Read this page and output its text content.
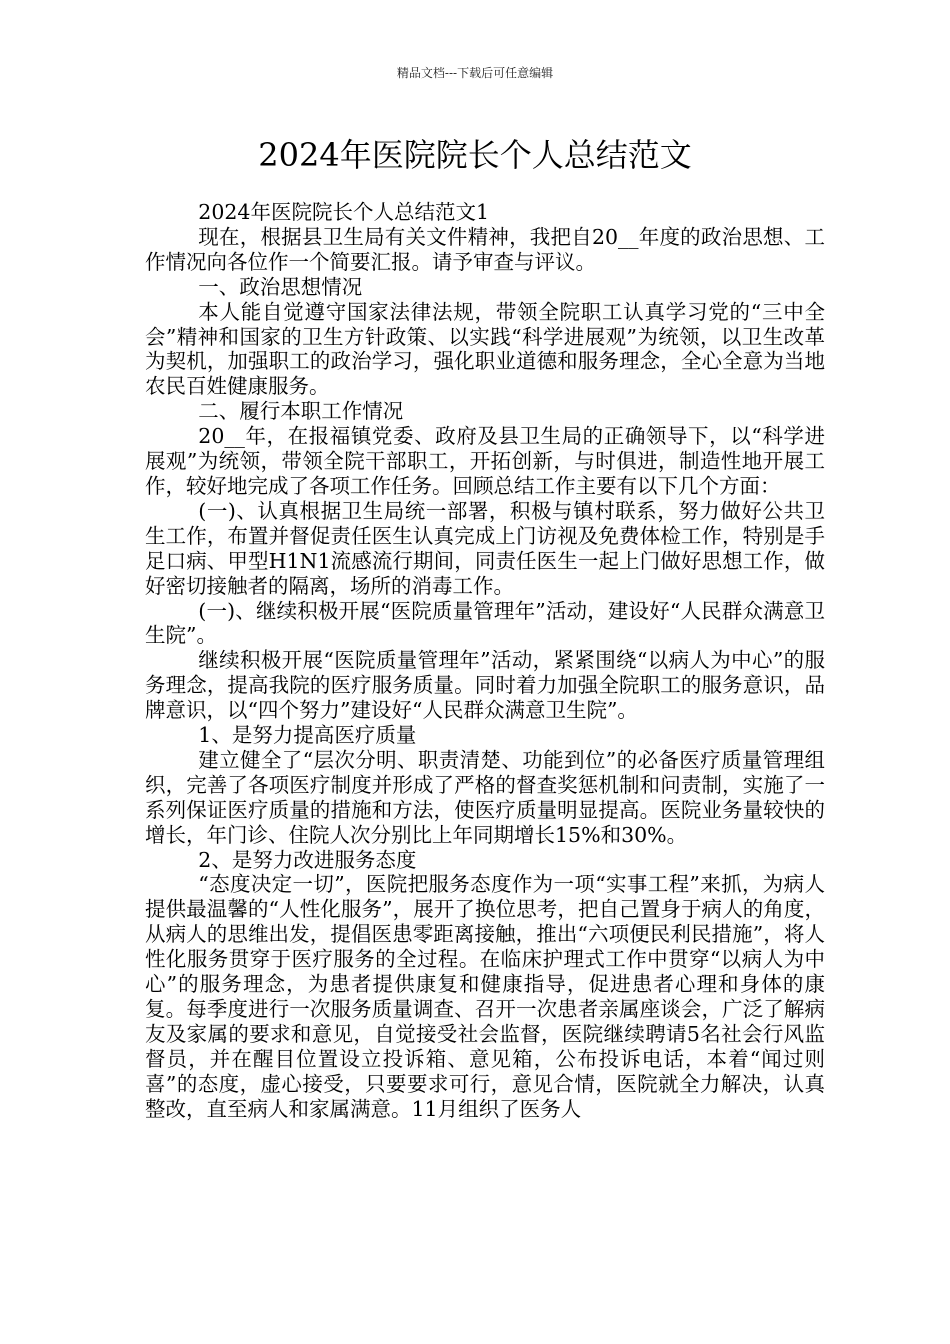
精品文档---下载后可任意编辑
2024年医院院长个人总结范文

2024年医院院长个人总结范文1

现在，根据县卫生局有关文件精神，我把自20__年度的政治思想、工作情况向各位作一个简要汇报。请予审查与评议。

一、政治思想情况

本人能自觉遵守国家法律法规，带领全院职工认真学习党的“三中全会”精神和国家的卫生方针政策、以实践“科学进展观”为统领，以卫生改革为契机，加强职工的政治学习，强化职业道德和服务理念，全心全意为当地农民百姓健康服务。

二、履行本职工作情况

20__年，在报福镇党委、政府及县卫生局的正确领导下，以“科学进展观”为统领，带领全院干部职工，开拓创新，与时俱进，制造性地开展工作，较好地完成了各项工作任务。回顾总结工作主要有以下几个方面：

(一)、认真根据卫生局统一部署，积极与镇村联系，努力做好公共卫生工作，布置并督促责任医生认真完成上门访视及免费体检工作，特别是手足口病、甲型H1N1流感流行期间，同责任医生一起上门做好思想工作，做好密切接触者的隔离，场所的消毒工作。

(一)、继续积极开展“医院质量管理年”活动，建设好“人民群众满意卫生院”。

继续积极开展“医院质量管理年”活动，紧紧围绕“以病人为中心”的服务理念，提高我院的医疗服务质量。同时着力加强全院职工的服务意识，品牌意识，以“四个努力”建设好“人民群众满意卫生院”。

1、是努力提高医疗质量

建立健全了“层次分明、职责清楚、功能到位”的必备医疗质量管理组织，完善了各项医疗制度并形成了严格的督查奖惩机制和问责制，实施了一系列保证医疗质量的措施和方法，使医疗质量明显提高。医院业务量较快的增长，年门诊、住院人次分别比上年同期增长15%和30%。

2、是努力改进服务态度

“态度决定一切”，医院把服务态度作为一项“实事工程”来抓，为病人提供最温馨的“人性化服务”，展开了换位思考，把自己置身于病人的角度，从病人的思维出发，提倡医患零距离接触，推出“六项便民利民措施”，将人性化服务贯穿于医疗服务的全过程。在临床护理式工作中贯穿“以病人为中心”的服务理念，为患者提供康复和健康指导，促进患者心理和身体的康复。每季度进行一次服务质量调查、召开一次患者亲属座谈会，广泛了解病友及家属的要求和意见，自觉接受社会监督，医院继续聘请5名社会行风监督员，并在醒目位置设立投诉箱、意见箱，公布投诉电话，本着“闻过则喜”的态度，虚心接受，只要要求可行，意见合情，医院就全力解决，认真整改，直至病人和家属满意。11月组织了医务人
